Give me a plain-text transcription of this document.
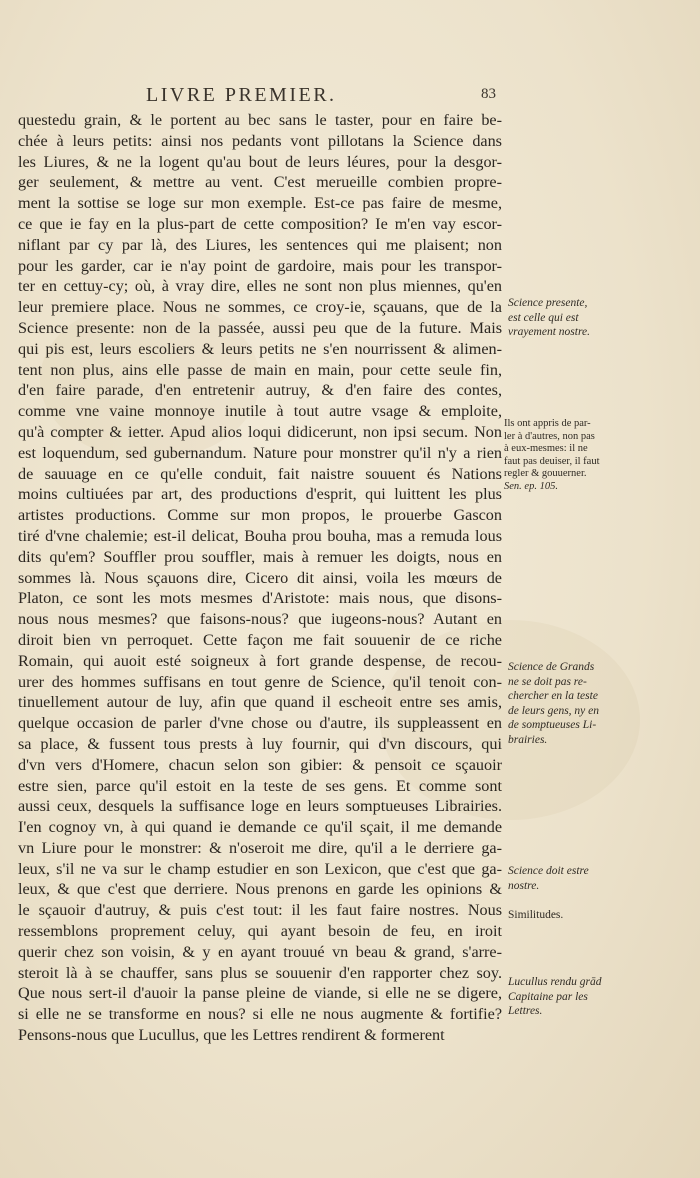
LIVRE PREMIER.	83
questedu grain, & le portent au bec sans le taster, pour en faire be-
chée à leurs petits: ainsi nos pedants vont pillotans la Science dans
les Liures, & ne la logent qu'au bout de leurs léures, pour la desgor-
ger seulement, & mettre au vent. C'est merueille combien propre-
ment la sottise se loge sur mon exemple. Est-ce pas faire de mesme,
ce que ie fay en la plus-part de cette composition? Ie m'en vay escor-
niflant par cy par là, des Liures, les sentences qui me plaisent; non
pour les garder, car ie n'ay point de gardoire, mais pour les transpor-
ter en cettuy-cy; où, à vray dire, elles ne sont non plus miennes, qu'en
leur premiere place. Nous ne sommes, ce croy-ie, sçauans, que de la
Science presente: non de la passée, aussi peu que de la future. Mais
qui pis est, leurs escoliers & leurs petits ne s'en nourrissent & alimen-
tent non plus, ains elle passe de main en main, pour cette seule fin,
d'en faire parade, d'en entretenir autruy, & d'en faire des contes,
comme vne vaine monnoye inutile à tout autre vsage & emploite,
qu'à compter & ietter. Apud alios loqui didicerunt, non ipsi secum. Non
est loquendum, sed gubernandum. Nature pour monstrer qu'il n'y a rien
de sauuage en ce qu'elle conduit, fait naistre souuent és Nations
moins cultiuées par art, des productions d'esprit, qui luittent les plus
artistes productions. Comme sur mon propos, le prouerbe Gascon
tiré d'vne chalemie; est-il delicat, Bouha prou bouha, mas a remuda lous
dits qu'em? Souffler prou souffler, mais à remuer les doigts, nous en
sommes là. Nous sçauons dire, Cicero dit ainsi, voila les mœurs de
Platon, ce sont les mots mesmes d'Aristote: mais nous, que disons-
nous nous mesmes? que faisons-nous? que iugeons-nous? Autant en
diroit bien vn perroquet. Cette façon me fait souuenir de ce riche
Romain, qui auoit esté soigneux à fort grande despense, de recou-
urer des hommes suffisans en tout genre de Science, qu'il tenoit con-
tinuellement autour de luy, afin que quand il escheoit entre ses amis,
quelque occasion de parler d'vne chose ou d'autre, ils suppleassent en
sa place, & fussent tous prests à luy fournir, qui d'vn discours, qui
d'vn vers d'Homere, chacun selon son gibier: & pensoit ce sçauoir
estre sien, parce qu'il estoit en la teste de ses gens. Et comme sont
aussi ceux, desquels la suffisance loge en leurs somptueuses Librairies.
I'en cognoy vn, à qui quand ie demande ce qu'il sçait, il me demande
vn Liure pour le monstrer: & n'oseroit me dire, qu'il a le derriere ga-
leux, s'il ne va sur le champ estudier en son Lexicon, que c'est que ga-
leux, & que c'est que derriere. Nous prenons en garde les opinions &
le sçauoir d'autruy, & puis c'est tout: il les faut faire nostres. Nous
ressemblons proprement celuy, qui ayant besoin de feu, en iroit
querir chez son voisin, & y en ayant trouué vn beau & grand, s'arre-
steroit là à se chauffer, sans plus se souuenir d'en rapporter chez soy.
Que nous sert-il d'auoir la panse pleine de viande, si elle ne se digere,
si elle ne se transforme en nous? si elle ne nous augmente & fortifie?
Pensons-nous que Lucullus, que les Lettres rendirent & formerent
Science presente,
est celle qui est
vrayement nostre.
Ils ont appris de par-
ler à d'autres, non pas
à eux-mesmes: il ne
faut pas deuiser, il faut
regler & gouuerner.
Sen. ep. 105.
Science de Grands
ne se doit pas re-
chercher en la teste
de leurs gens, ny en
de somptueuses Li-
brairies.
Science doit estre
nostre.
Similitudes.
Lucullus rendu grād
Capitaine par les
Lettres.
